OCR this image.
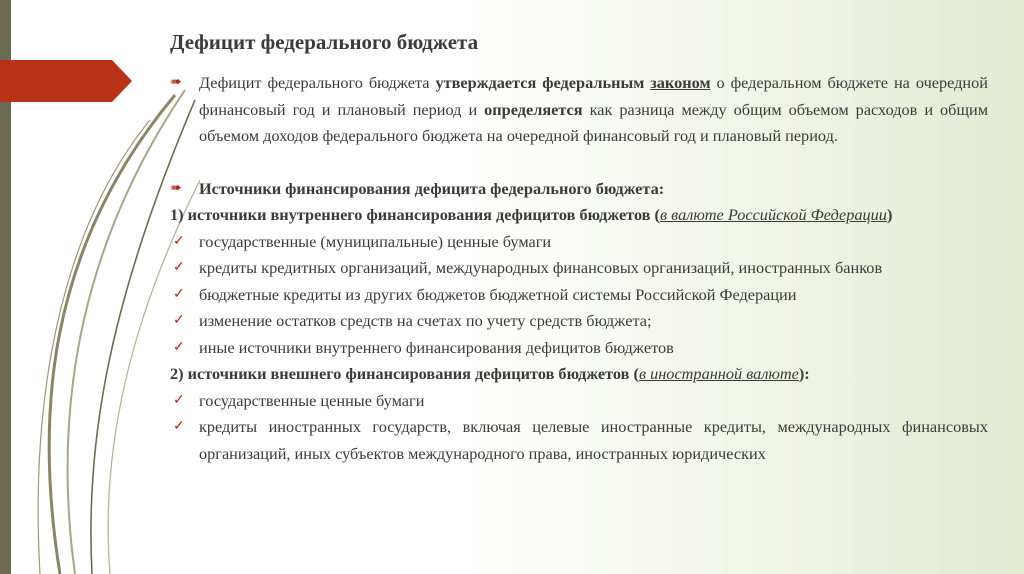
Дефицит федерального бюджета
➠ Дефицит федерального бюджета утверждается федеральным законом о федеральном бюджете на очередной финансовый год и плановый период и определяется как разница между общим объемом расходов и общим объемом доходов федерального бюджета на очередной финансовый год и плановый период.
➠ Источники финансирования дефицита федерального бюджета:
1) источники внутреннего финансирования дефицитов бюджетов (в валюте Российской Федерации)
✓ государственные (муниципальные) ценные бумаги
✓ кредиты кредитных организаций, международных финансовых организаций, иностранных банков
✓ бюджетные кредиты из других бюджетов бюджетной системы Российской Федерации
✓ изменение остатков средств на счетах по учету средств бюджета;
✓ иные источники внутреннего финансирования дефицитов бюджетов
2) источники внешнего финансирования дефицитов бюджетов (в иностранной валюте):
✓ государственные ценные бумаги
✓ кредиты иностранных государств, включая целевые иностранные кредиты, международных финансовых организаций, иных субъектов международного права, иностранных юридических
